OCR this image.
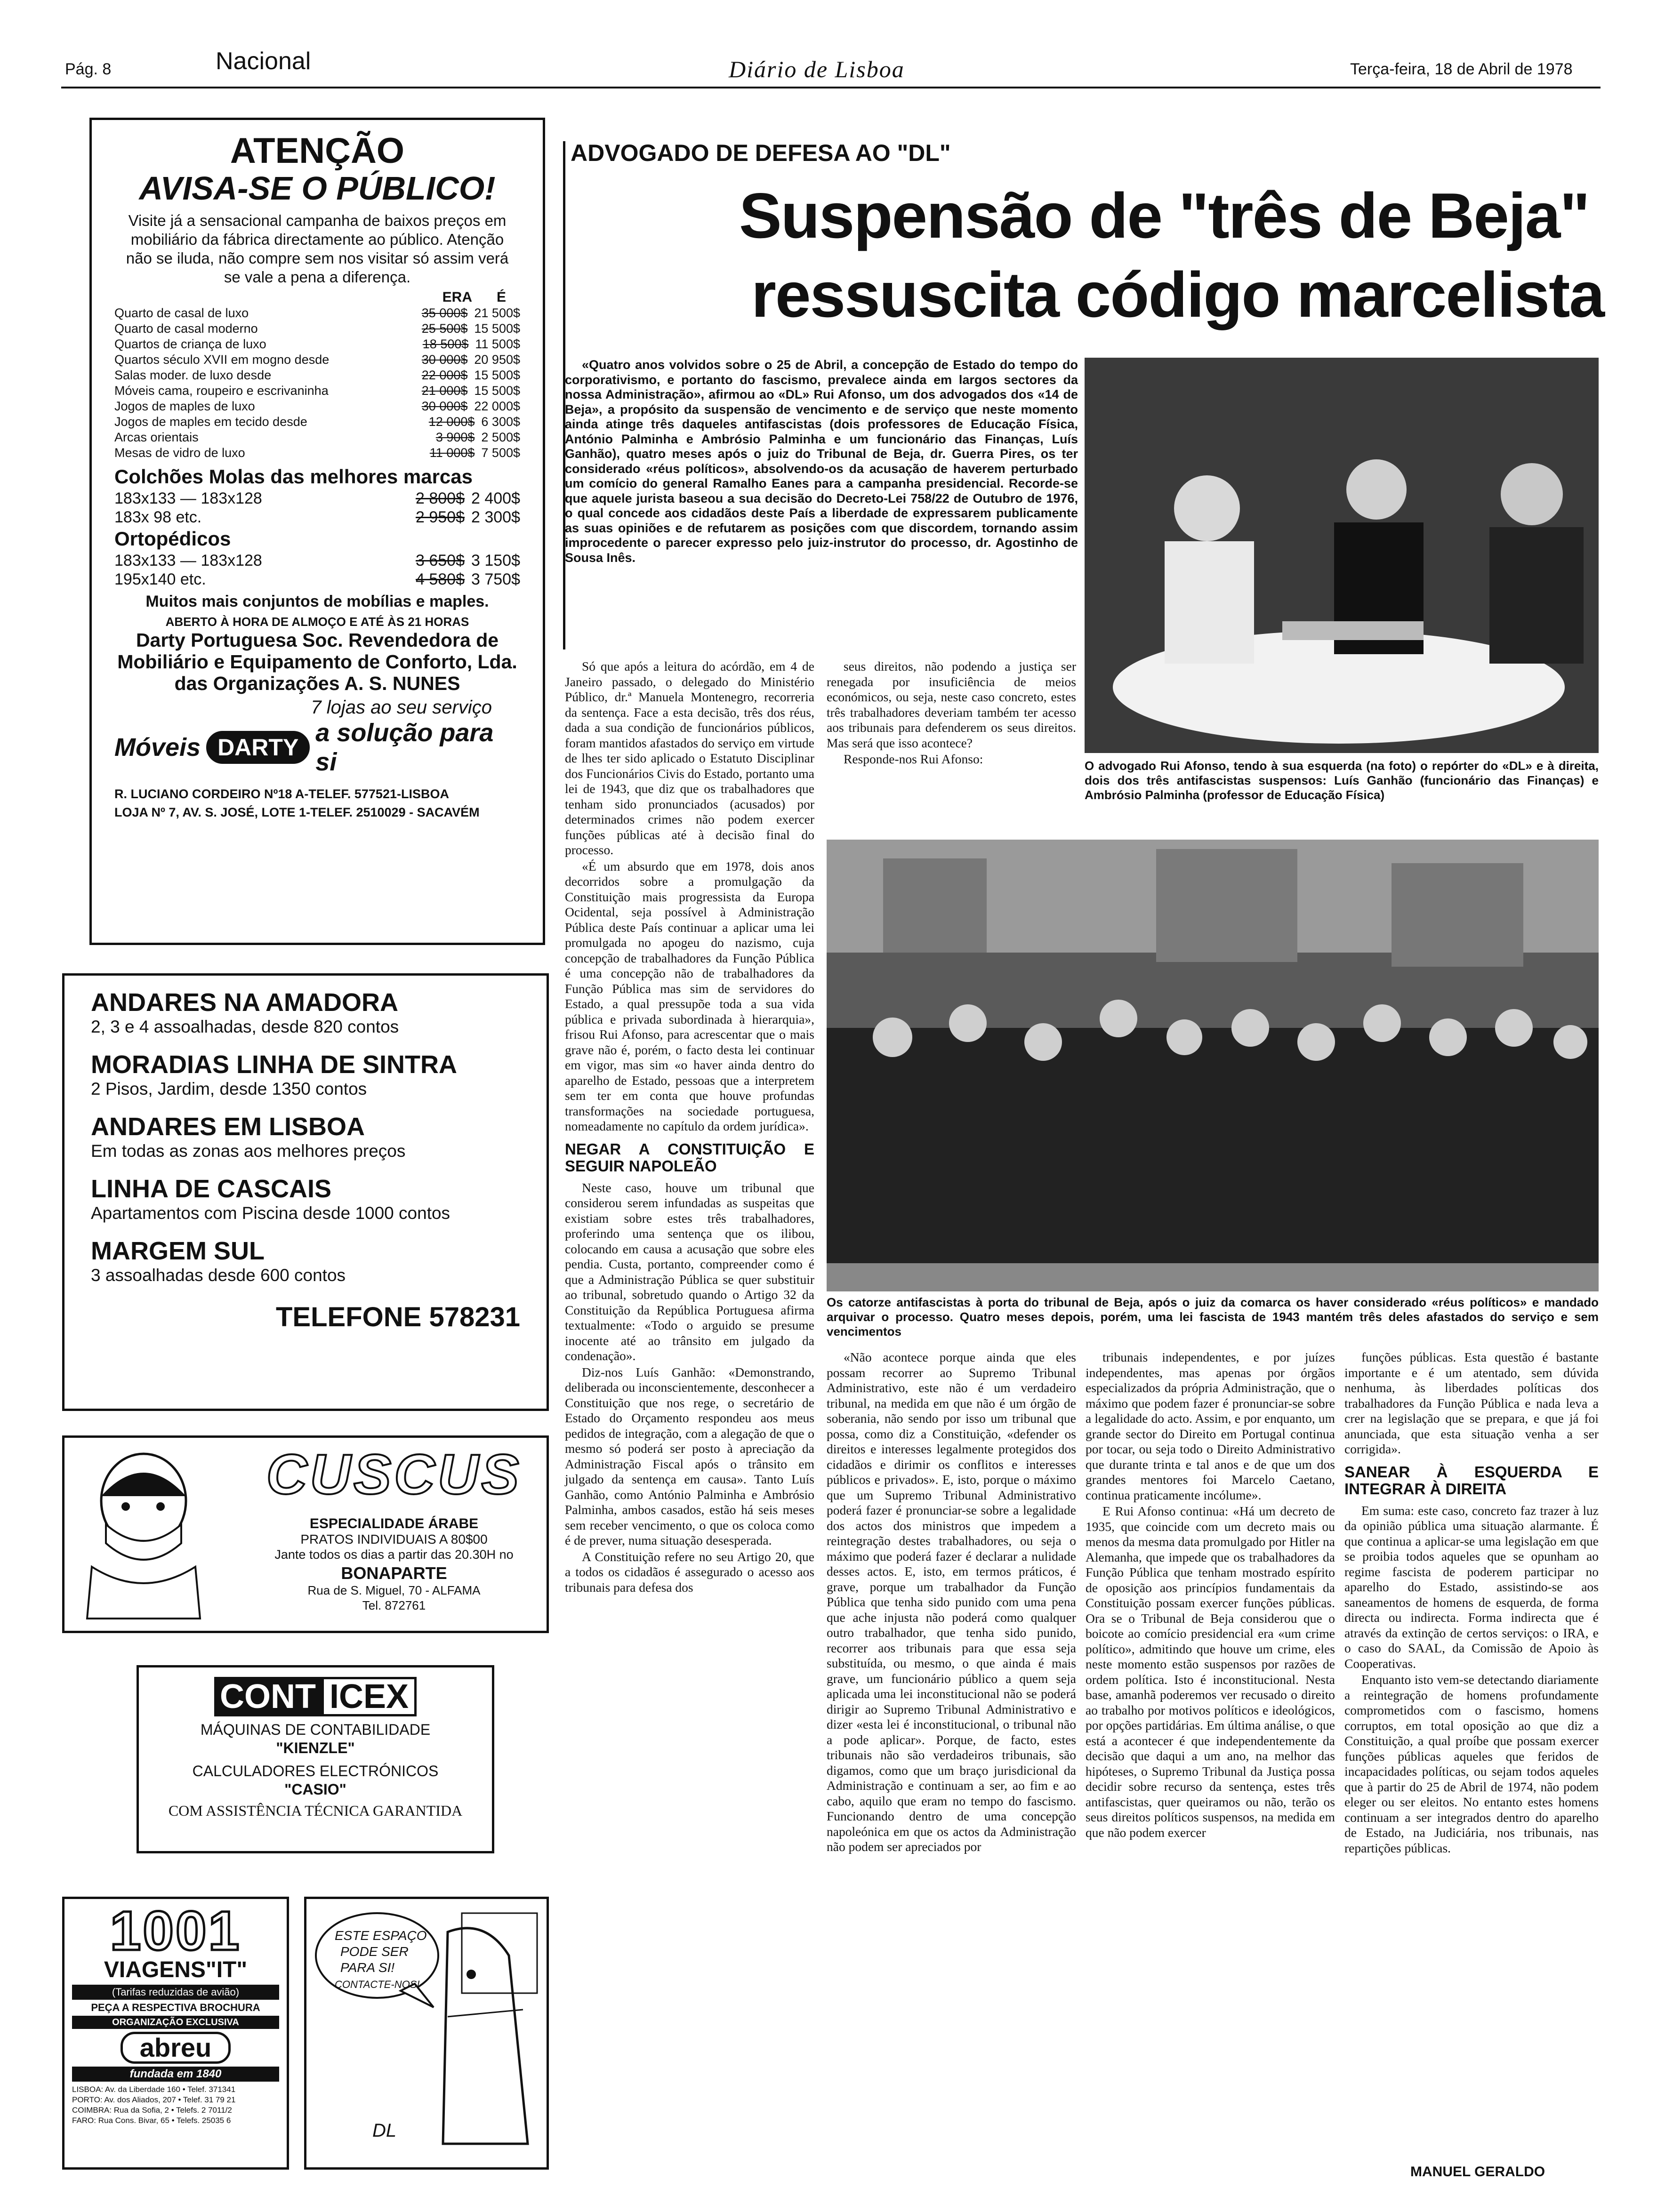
Pág. 8	Nacional	Diário de Lisboa	Terça-feira, 18 de Abril de 1978
ATENÇÃO
AVISA-SE O PÚBLICO!
Visite já a sensacional campanha de baixos preços em mobiliário da fábrica directamente ao público. Atenção não se iluda, não compre sem nos visitar só assim verá se vale a pena a diferença.
ERA É
Quarto de casal de luxo	35 000$ 21 500$
Quarto de casal moderno	25 500$ 15 500$
Quartos de criança de luxo	18 500$ 11 500$
Quartos século XVII em mogno desde	30 000$ 20 950$
Salas moder. de luxo desde	22 000$ 15 500$
Móveis cama, roupeiro e escrivaninha	21 000$ 15 500$
Jogos de maples de luxo	30 000$ 22 000$
Jogos de maples em tecido desde	12 000$ 6 300$
Arcas orientais	3 900$ 2 500$
Mesas de vidro de luxo	11 000$ 7 500$
Colchões Molas das melhores marcas
183x133 — 183x128	2 800$ 2 400$
183x 98 etc.	2 950$ 2 300$
Ortopédicos
183x133 — 183x128	3 650$ 3 150$
195x140 etc.	4 580$ 3 750$
Muitos mais conjuntos de mobílias e maples.
ABERTO À HORA DE ALMOÇO E ATÉ ÀS 21 HORAS
Darty Portuguesa Soc. Revendedora de
Mobiliário e Equipamento de Conforto, Lda.
das Organizações A. S. NUNES
7 lojas ao seu serviço
Móveis DARTY
a solução para si
R. LUCIANO CORDEIRO Nº18 A-TELEF. 577521-LISBOA
LOJA Nº 7, AV. S. JOSÉ, LOTE 1-TELEF. 2510029 - SACAVÉM
ANDARES NA AMADORA
2, 3 e 4 assoalhadas, desde 820 contos
MORADIAS LINHA DE SINTRA
2 Pisos, Jardim, desde 1350 contos
ANDARES EM LISBOA
Em todas as zonas aos melhores preços
LINHA DE CASCAIS
Apartamentos com Piscina desde 1000 contos
MARGEM SUL
3 assoalhadas desde 600 contos
TELEFONE 578231
CUSCUS
ESPECIALIDADE ÁRABE
PRATOS INDIVIDUAIS A 80$00
Jante todos os dias a partir das 20.30H no
BONAPARTE
Rua de S. Miguel, 70 - ALFAMA
Tel. 872761
CONT ICEX
MÁQUINAS DE CONTABILIDADE
"KIENZLE"
CALCULADORES ELECTRÓNICOS
"CASIO"
COM ASSISTÊNCIA TÉCNICA GARANTIDA
1001
VIAGENS"IT"
(Tarifas reduzidas de avião)
PEÇA A RESPECTIVA BROCHURA
ORGANIZAÇÃO EXCLUSIVA
abreu
fundada em 1840
LISBOA: Av. da Liberdade 160 • Telef. 371341
PORTO: Av. dos Aliados, 207 • Telef. 31 79 21
COIMBRA: Rua da Sofia, 2 • Telefs. 2 7011/2
FARO: Rua Cons. Bivar, 65 • Telefs. 25035 6
ESTE ESPAÇO
PODE SER
PARA SI!
CONTACTE-NOS!
DL
ADVOGADO DE DEFESA AO "DL"
Suspensão de "três de Beja"
ressuscita código marcelista

«Quatro anos volvidos sobre o 25 de Abril, a concepção de Estado do tempo do corporativismo, e portanto do fascismo, prevalece ainda em largos sectores da nossa Administração», afirmou ao «DL» Rui Afonso, um dos advogados dos «14 de Beja», a propósito da suspensão de vencimento e de serviço que neste momento ainda atinge três daqueles antifascistas (dois professores de Educação Física, António Palminha e Ambrósio Palminha e um funcionário das Finanças, Luís Ganhão), quatro meses após o juiz do Tribunal de Beja, dr. Guerra Pires, os ter considerado «réus políticos», absolvendo-os da acusação de haverem perturbado um comício do general Ramalho Eanes para a campanha presidencial. Recorde-se que aquele jurista baseou a sua decisão do Decreto-Lei 758/22 de Outubro de 1976, o qual concede aos cidadãos deste País a liberdade de expressarem publicamente as suas opiniões e de refutarem as posições com que discordem, tornando assim improcedente o parecer expresso pelo juiz-instrutor do processo, dr. Agostinho de Sousa Inês.

O advogado Rui Afonso, tendo à sua esquerda (na foto) o repórter do «DL» e à direita, dois dos três antifascistas suspensos: Luís Ganhão (funcionário das Finanças) e Ambrósio Palminha (professor de Educação Física)
Os catorze antifascistas à porta do tribunal de Beja, após o juiz da comarca os haver considerado «réus políticos» e mandado arquivar o processo. Quatro meses depois, porém, uma lei fascista de 1943 mantém três deles afastados do serviço e sem vencimentos

Só que após a leitura do acórdão, em 4 de Janeiro passado, o delegado do Ministério Público, dr.ª Manuela Montenegro, recorreria da sentença. Face a esta decisão, três dos réus, dada a sua condição de funcionários públicos, foram mantidos afastados do serviço em virtude de lhes ter sido aplicado o Estatuto Disciplinar dos Funcionários Civis do Estado, portanto uma lei de 1943, que diz que os trabalhadores que tenham sido pronunciados (acusados) por determinados crimes não podem exercer funções públicas até à decisão final do processo.

«É um absurdo que em 1978, dois anos decorridos sobre a promulgação da Constituição mais progressista da Europa Ocidental, seja possível à Administração Pública deste País continuar a aplicar uma lei promulgada no apogeu do nazismo, cuja concepção de trabalhadores da Função Pública é uma concepção não de trabalhadores da Função Pública mas sim de servidores do Estado, a qual pressupõe toda a sua vida pública e privada subordinada à hierarquia», frisou Rui Afonso, para acrescentar que o mais grave não é, porém, o facto desta lei continuar em vigor, mas sim «o haver ainda dentro do aparelho de Estado, pessoas que a interpretem sem ter em conta que houve profundas transformações na sociedade portuguesa, nomeadamente no capítulo da ordem jurídica».

NEGAR A CONSTITUIÇÃO E SEGUIR NAPOLEÃO

Neste caso, houve um tribunal que considerou serem infundadas as suspeitas que existiam sobre estes três trabalhadores, proferindo uma sentença que os ilibou, colocando em causa a acusação que sobre eles pendia. Custa, portanto, compreender como é que a Administração Pública se quer substituir ao tribunal, sobretudo quando o Artigo 32 da Constituição da República Portuguesa afirma textualmente: «Todo o arguido se presume inocente até ao trânsito em julgado da condenação».

Diz-nos Luís Ganhão: «Demonstrando, deliberada ou inconscientemente, desconhecer a Constituição que nos rege, o secretário de Estado do Orçamento respondeu aos meus pedidos de integração, com a alegação de que o mesmo só poderá ser posto à apreciação da Administração Fiscal após o trânsito em julgado da sentença em causa». Tanto Luís Ganhão, como António Palminha e Ambrósio Palminha, ambos casados, estão há seis meses sem receber vencimento, o que os coloca como é de prever, numa situação desesperada.

A Constituição refere no seu Artigo 20, que a todos os cidadãos é assegurado o acesso aos tribunais para defesa dos

seus direitos, não podendo a justiça ser renegada por insuficiência de meios económicos, ou seja, neste caso concreto, estes três trabalhadores deveriam também ter acesso aos tribunais para defenderem os seus direitos. Mas será que isso acontece?

Responde-nos Rui Afonso:

«Não acontece porque ainda que eles possam recorrer ao Supremo Tribunal Administrativo, este não é um verdadeiro tribunal, na medida em que não é um órgão de soberania, não sendo por isso um tribunal que possa, como diz a Constituição, «defender os direitos e interesses legalmente protegidos dos cidadãos e dirimir os conflitos e interesses públicos e privados». E, isto, porque o máximo que um Supremo Tribunal Administrativo poderá fazer é pronunciar-se sobre a legalidade dos actos dos ministros que impedem a reintegração destes trabalhadores, ou seja o máximo que poderá fazer é declarar a nulidade desses actos. E, isto, em termos práticos, é grave, porque um trabalhador da Função Pública que tenha sido punido com uma pena que ache injusta não poderá como qualquer outro trabalhador, que tenha sido punido, recorrer aos tribunais para que essa seja substituída, ou mesmo, o que ainda é mais grave, um funcionário público a quem seja aplicada uma lei inconstitucional não se poderá dirigir ao Supremo Tribunal Administrativo e dizer «esta lei é inconstitucional, o tribunal não a pode aplicar». Porque, de facto, estes tribunais não são verdadeiros tribunais, são digamos, como que um braço jurisdicional da Administração e continuam a ser, ao fim e ao cabo, aquilo que eram no tempo do fascismo. Funcionando dentro de uma concepção napoleónica em que os actos da Administração não podem ser apreciados por

tribunais independentes, e por juízes independentes, mas apenas por órgãos especializados da própria Administração, que o máximo que podem fazer é pronunciar-se sobre a legalidade do acto. Assim, e por enquanto, um grande sector do Direito em Portugal continua por tocar, ou seja todo o Direito Administrativo que durante trinta e tal anos e de que um dos grandes mentores foi Marcelo Caetano, continua praticamente incólume».

E Rui Afonso continua: «Há um decreto de 1935, que coincide com um decreto mais ou menos da mesma data promulgado por Hitler na Alemanha, que impede que os trabalhadores da Função Pública que tenham mostrado espírito de oposição aos princípios fundamentais da Constituição possam exercer funções públicas. Ora se o Tribunal de Beja considerou que o boicote ao comício presidencial era «um crime político», admitindo que houve um crime, eles neste momento estão suspensos por razões de ordem política. Isto é inconstitucional. Nesta base, amanhã poderemos ver recusado o direito ao trabalho por motivos políticos e ideológicos, por opções partidárias. Em última análise, o que está a acontecer é que independentemente da decisão que daqui a um ano, na melhor das hipóteses, o Supremo Tribunal da Justiça possa decidir sobre recurso da sentença, estes três antifascistas, quer queiramos ou não, terão os seus direitos políticos suspensos, na medida em que não podem exercer

funções públicas. Esta questão é bastante importante e é um atentado, sem dúvida nenhuma, às liberdades políticas dos trabalhadores da Função Pública e nada leva a crer na legislação que se prepara, e que já foi anunciada, que esta situação venha a ser corrigida».

SANEAR À ESQUERDA E INTEGRAR À DIREITA

Em suma: este caso, concreto faz trazer à luz da opinião pública uma situação alarmante. É que continua a aplicar-se uma legislação em que se proibia todos aqueles que se opunham ao regime fascista de poderem participar no aparelho do Estado, assistindo-se aos saneamentos de homens de esquerda, de forma directa ou indirecta. Forma indirecta que é através da extinção de certos serviços: o IRA, e o caso do SAAL, da Comissão de Apoio às Cooperativas.

Enquanto isto vem-se detectando diariamente a reintegração de homens profundamente comprometidos com o fascismo, homens corruptos, em total oposição ao que diz a Constituição, a qual proíbe que possam exercer funções públicas aqueles que feridos de incapacidades políticas, ou sejam todos aqueles que à partir do 25 de Abril de 1974, não podem eleger ou ser eleitos. No entanto estes homens continuam a ser integrados dentro do aparelho de Estado, na Judiciária, nos tribunais, nas repartições públicas.

MANUEL GERALDO
